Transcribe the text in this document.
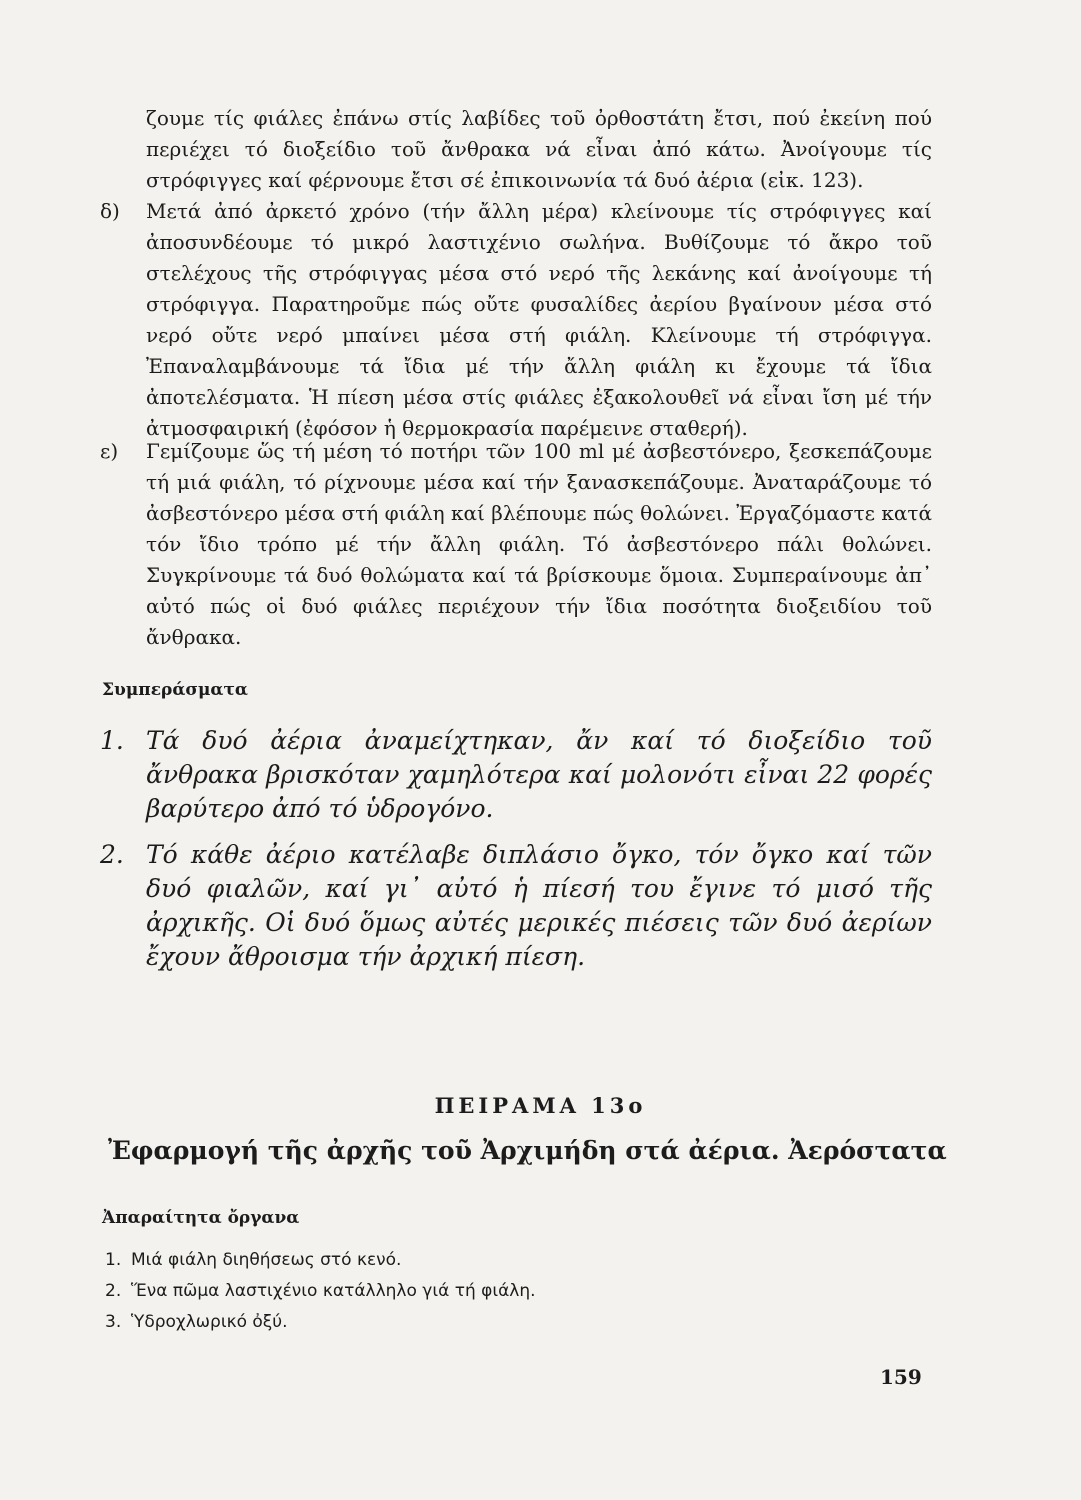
ζουμε τίς φιάλες ἐπάνω στίς λαβίδες τοῦ ὀρθοστάτη ἔτσι, πού ἐκείνη πού περιέχει τό διοξείδιο τοῦ ἄνθρακα νά εἶναι ἀπό κάτω. Ἀνοίγουμε τίς στρόφιγγες καί φέρνουμε ἔτσι σέ ἐπικοινωνία τά δυό ἀέρια (εἰκ. 123).

δ)	Μετά ἀπό ἀρκετό χρόνο (τήν ἄλλη μέρα) κλείνουμε τίς στρόφιγγες καί ἀποσυνδέουμε τό μικρό λαστιχένιο σωλήνα. Βυθίζουμε τό ἄκρο τοῦ στελέχους τῆς στρόφιγγας μέσα στό νερό τῆς λεκάνης καί ἀνοίγουμε τή στρόφιγγα. Παρατηροῦμε πώς οὔτε φυσαλίδες ἀερίου βγαίνουν μέσα στό νερό οὔτε νερό μπαίνει μέσα στή φιάλη. Κλείνουμε τή στρόφιγγα. Ἐπαναλαμβάνουμε τά ἴδια μέ τήν ἄλλη φιάλη κι ἔχουμε τά ἴδια ἀποτελέσματα. Ἡ πίεση μέσα στίς φιάλες ἐξακολουθεῖ νά εἶναι ἴση μέ τήν ἀτμοσφαιρική (ἐφόσον ἡ θερμοκρασία παρέμεινε σταθερή).
ε)	Γεμίζουμε ὥς τή μέση τό ποτήρι τῶν 100 ml μέ ἀσβεστόνερο, ξεσκεπάζουμε τή μιά φιάλη, τό ρίχνουμε μέσα καί τήν ξανασκεπάζουμε. Ἀναταράζουμε τό ἀσβεστόνερο μέσα στή φιάλη καί βλέπουμε πώς θολώνει. Ἐργαζόμαστε κατά τόν ἴδιο τρόπο μέ τήν ἄλλη φιάλη. Τό ἀσβεστόνερο πάλι θολώνει. Συγκρίνουμε τά δυό θολώματα καί τά βρίσκουμε ὅμοια. Συμπεραίνουμε ἀπ᾽ αὐτό πώς οἱ δυό φιάλες περιέχουν τήν ἴδια ποσότητα διοξειδίου τοῦ ἄνθρακα.

Συμπεράσματα

1. Τά δυό ἀέρια ἀναμείχτηκαν, ἄν καί τό διοξείδιο τοῦ ἄνθρακα βρισκόταν χαμηλότερα καί μολονότι εἶναι 22 φορές βαρύτερο ἀπό τό ὑδρογόνο.
2. Τό κάθε ἀέριο κατέλαβε διπλάσιο ὄγκο, τόν ὄγκο καί τῶν δυό φιαλῶν, καί γι᾽ αὐτό ἡ πίεσή του ἔγινε τό μισό τῆς ἀρχικῆς. Οἱ δυό ὅμως αὐτές μερικές πιέσεις τῶν δυό ἀερίων ἔχουν ἄθροισμα τήν ἀρχική πίεση.

ΠΕΙΡΑΜΑ 13ο

Ἐφαρμογή τῆς ἀρχῆς τοῦ Ἀρχιμήδη στά ἀέρια. Ἀερόστατα

Ἀπαραίτητα ὄργανα

1. Μιά φιάλη διηθήσεως στό κενό.
2. Ἕνα πῶμα λαστιχένιο κατάλληλο γιά τή φιάλη.
3. Ὑδροχλωρικό ὀξύ.

159
